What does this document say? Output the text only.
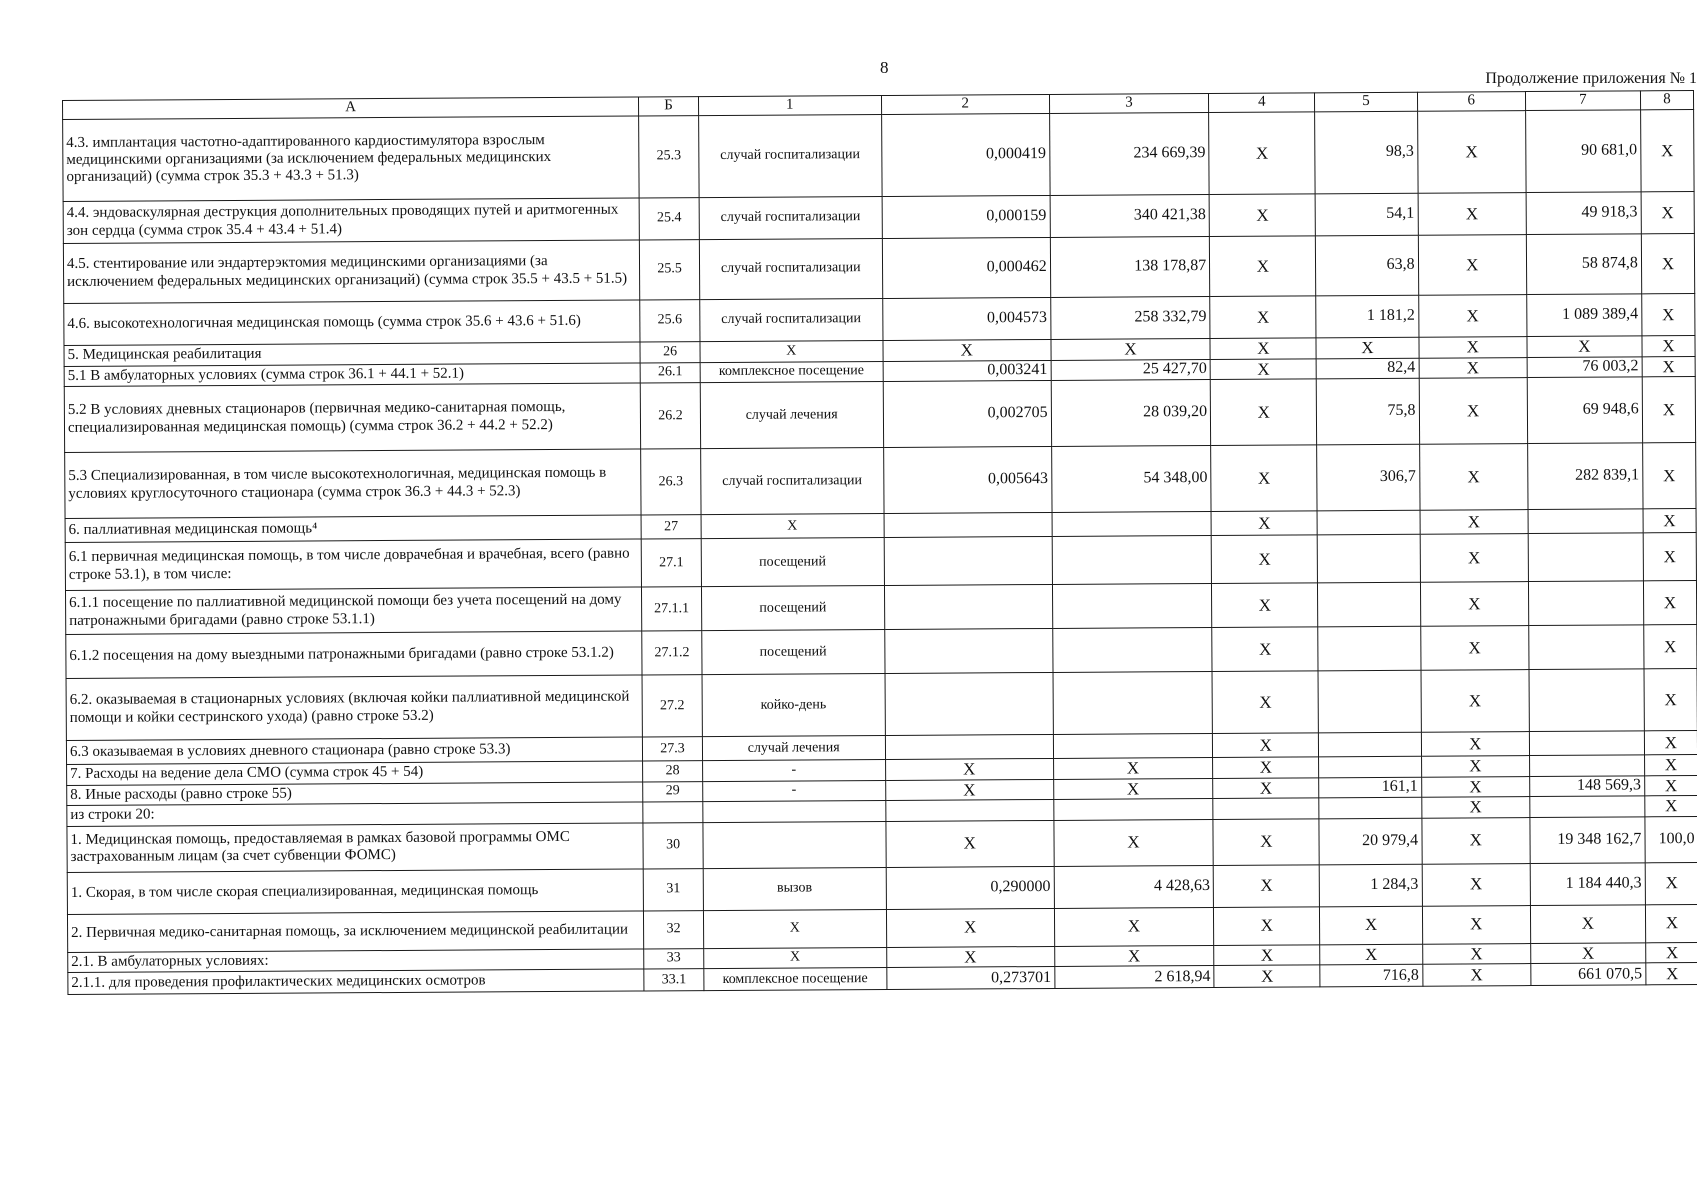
8
Продолжение приложения № 1
А	Б	1	2	3	4	5	6	7	8
4.3. имплантация частотно-адаптированного кардиостимулятора взрослым медицинскими организациями (за исключением федеральных медицинских организаций) (сумма строк 35.3 + 43.3 + 51.3)	25.3	случай госпитализации	0,000419	234 669,39	X	98,3	X	90 681,0	X
4.4. эндоваскулярная деструкция дополнительных проводящих путей и аритмогенных зон сердца (сумма строк 35.4 + 43.4 + 51.4)	25.4	случай госпитализации	0,000159	340 421,38	X	54,1	X	49 918,3	X
4.5. стентирование или эндартерэктомия медицинскими организациями (за исключением федеральных медицинских организаций) (сумма строк 35.5 + 43.5 + 51.5)	25.5	случай госпитализации	0,000462	138 178,87	X	63,8	X	58 874,8	X
4.6. высокотехнологичная медицинская помощь (сумма строк 35.6 + 43.6 + 51.6)	25.6	случай госпитализации	0,004573	258 332,79	X	1 181,2	X	1 089 389,4	X
5. Медицинская реабилитация	26	X	X	X	X	X	X	X	X
5.1 В амбулаторных условиях (сумма строк 36.1 + 44.1 + 52.1)	26.1	комплексное посещение	0,003241	25 427,70	X	82,4	X	76 003,2	X
5.2 В условиях дневных стационаров (первичная медико-санитарная помощь, специализированная медицинская помощь) (сумма строк 36.2 + 44.2 + 52.2)	26.2	случай лечения	0,002705	28 039,20	X	75,8	X	69 948,6	X
5.3 Специализированная, в том числе высокотехнологичная, медицинская помощь в условиях круглосуточного стационара (сумма строк 36.3 + 44.3 + 52.3)	26.3	случай госпитализации	0,005643	54 348,00	X	306,7	X	282 839,1	X
6. паллиативная медицинская помощь⁴	27	X			X		X		X
6.1 первичная медицинская помощь, в том числе доврачебная и врачебная, всего (равно строке 53.1), в том числе:	27.1	посещений			X		X		X
6.1.1 посещение по паллиативной медицинской помощи без учета посещений на дому патронажными бригадами (равно строке 53.1.1)	27.1.1	посещений			X		X		X
6.1.2 посещения на дому выездными патронажными бригадами (равно строке 53.1.2)	27.1.2	посещений			X		X		X
6.2. оказываемая в стационарных условиях (включая койки паллиативной медицинской помощи и койки сестринского ухода) (равно строке 53.2)	27.2	койко-день			X		X		X
6.3 оказываемая в условиях дневного стационара (равно строке 53.3)	27.3	случай лечения			X		X		X
7. Расходы на ведение дела СМО (сумма строк 45 + 54)	28	-	X	X	X		X		X
8. Иные расходы (равно строке 55)	29	-	X	X	X	161,1	X	148 569,3	X
из строки 20:							X		X
1. Медицинская помощь, предоставляемая в рамках базовой программы ОМС застрахованным лицам (за счет субвенции ФОМС)	30		X	X	X	20 979,4	X	19 348 162,7	100,0
1. Скорая, в том числе скорая специализированная, медицинская помощь	31	вызов	0,290000	4 428,63	X	1 284,3	X	1 184 440,3	X
2. Первичная медико-санитарная помощь, за исключением медицинской реабилитации	32	X	X	X	X	X	X	X	X
2.1. В амбулаторных условиях:	33	X	X	X	X	X	X	X	X
2.1.1. для проведения профилактических медицинских осмотров	33.1	комплексное посещение	0,273701	2 618,94	X	716,8	X	661 070,5	X
